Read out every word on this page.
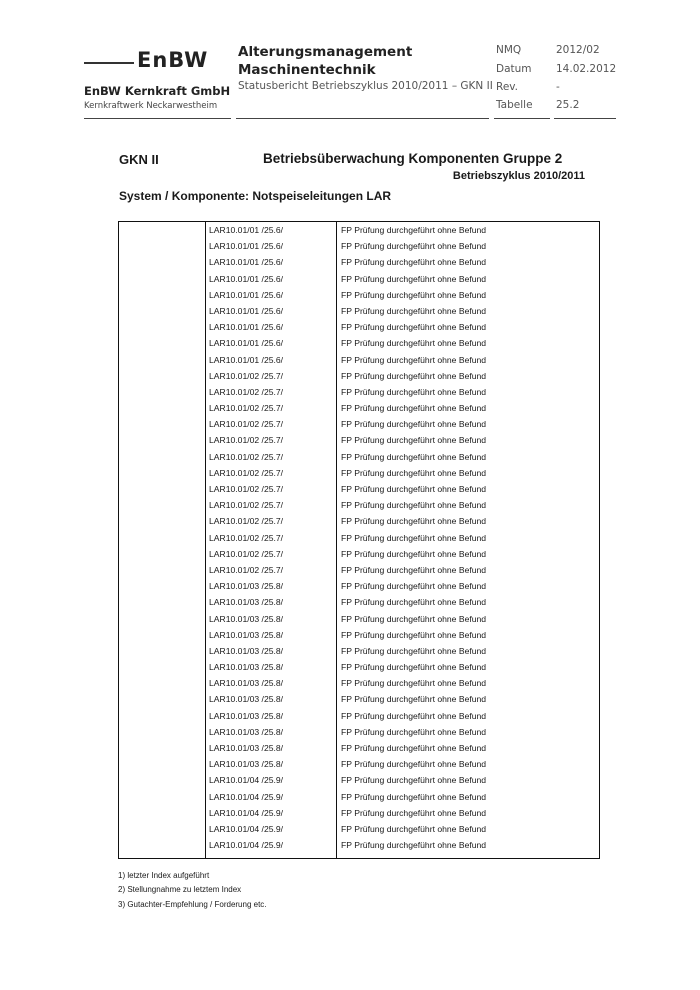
EnBW
EnBW Kernkraft GmbH
Kernkraftwerk Neckarwestheim
Alterungsmanagement
Maschinentechnik
Statusbericht Betriebszyklus 2010/2011 – GKN II
NMQ	2012/02
Datum 14.02.2012
Rev.	-
Tabelle 25.2
GKN II	Betriebsüberwachung Komponenten Gruppe 2
Betriebszyklus 2010/2011
System / Komponente: Notspeiseleitungen LAR
LAR10.01/01 /25.6/	FP Prüfung durchgeführt ohne Befund
LAR10.01/01 /25.6/	FP Prüfung durchgeführt ohne Befund
LAR10.01/01 /25.6/	FP Prüfung durchgeführt ohne Befund
LAR10.01/01 /25.6/	FP Prüfung durchgeführt ohne Befund
LAR10.01/01 /25.6/	FP Prüfung durchgeführt ohne Befund
LAR10.01/01 /25.6/	FP Prüfung durchgeführt ohne Befund
LAR10.01/01 /25.6/	FP Prüfung durchgeführt ohne Befund
LAR10.01/01 /25.6/	FP Prüfung durchgeführt ohne Befund
LAR10.01/01 /25.6/	FP Prüfung durchgeführt ohne Befund
LAR10.01/02 /25.7/	FP Prüfung durchgeführt ohne Befund
LAR10.01/02 /25.7/	FP Prüfung durchgeführt ohne Befund
LAR10.01/02 /25.7/	FP Prüfung durchgeführt ohne Befund
LAR10.01/02 /25.7/	FP Prüfung durchgeführt ohne Befund
LAR10.01/02 /25.7/	FP Prüfung durchgeführt ohne Befund
LAR10.01/02 /25.7/	FP Prüfung durchgeführt ohne Befund
LAR10.01/02 /25.7/	FP Prüfung durchgeführt ohne Befund
LAR10.01/02 /25.7/	FP Prüfung durchgeführt ohne Befund
LAR10.01/02 /25.7/	FP Prüfung durchgeführt ohne Befund
LAR10.01/02 /25.7/	FP Prüfung durchgeführt ohne Befund
LAR10.01/02 /25.7/	FP Prüfung durchgeführt ohne Befund
LAR10.01/02 /25.7/	FP Prüfung durchgeführt ohne Befund
LAR10.01/02 /25.7/	FP Prüfung durchgeführt ohne Befund
LAR10.01/03 /25.8/	FP Prüfung durchgeführt ohne Befund
LAR10.01/03 /25.8/	FP Prüfung durchgeführt ohne Befund
LAR10.01/03 /25.8/	FP Prüfung durchgeführt ohne Befund
LAR10.01/03 /25.8/	FP Prüfung durchgeführt ohne Befund
LAR10.01/03 /25.8/	FP Prüfung durchgeführt ohne Befund
LAR10.01/03 /25.8/	FP Prüfung durchgeführt ohne Befund
LAR10.01/03 /25.8/	FP Prüfung durchgeführt ohne Befund
LAR10.01/03 /25.8/	FP Prüfung durchgeführt ohne Befund
LAR10.01/03 /25.8/	FP Prüfung durchgeführt ohne Befund
LAR10.01/03 /25.8/	FP Prüfung durchgeführt ohne Befund
LAR10.01/03 /25.8/	FP Prüfung durchgeführt ohne Befund
LAR10.01/03 /25.8/	FP Prüfung durchgeführt ohne Befund
LAR10.01/04 /25.9/	FP Prüfung durchgeführt ohne Befund
LAR10.01/04 /25.9/	FP Prüfung durchgeführt ohne Befund
LAR10.01/04 /25.9/	FP Prüfung durchgeführt ohne Befund
LAR10.01/04 /25.9/	FP Prüfung durchgeführt ohne Befund
LAR10.01/04 /25.9/	FP Prüfung durchgeführt ohne Befund
1) letzter Index aufgeführt
2) Stellungnahme zu letztem Index
3) Gutachter-Empfehlung / Forderung etc.
